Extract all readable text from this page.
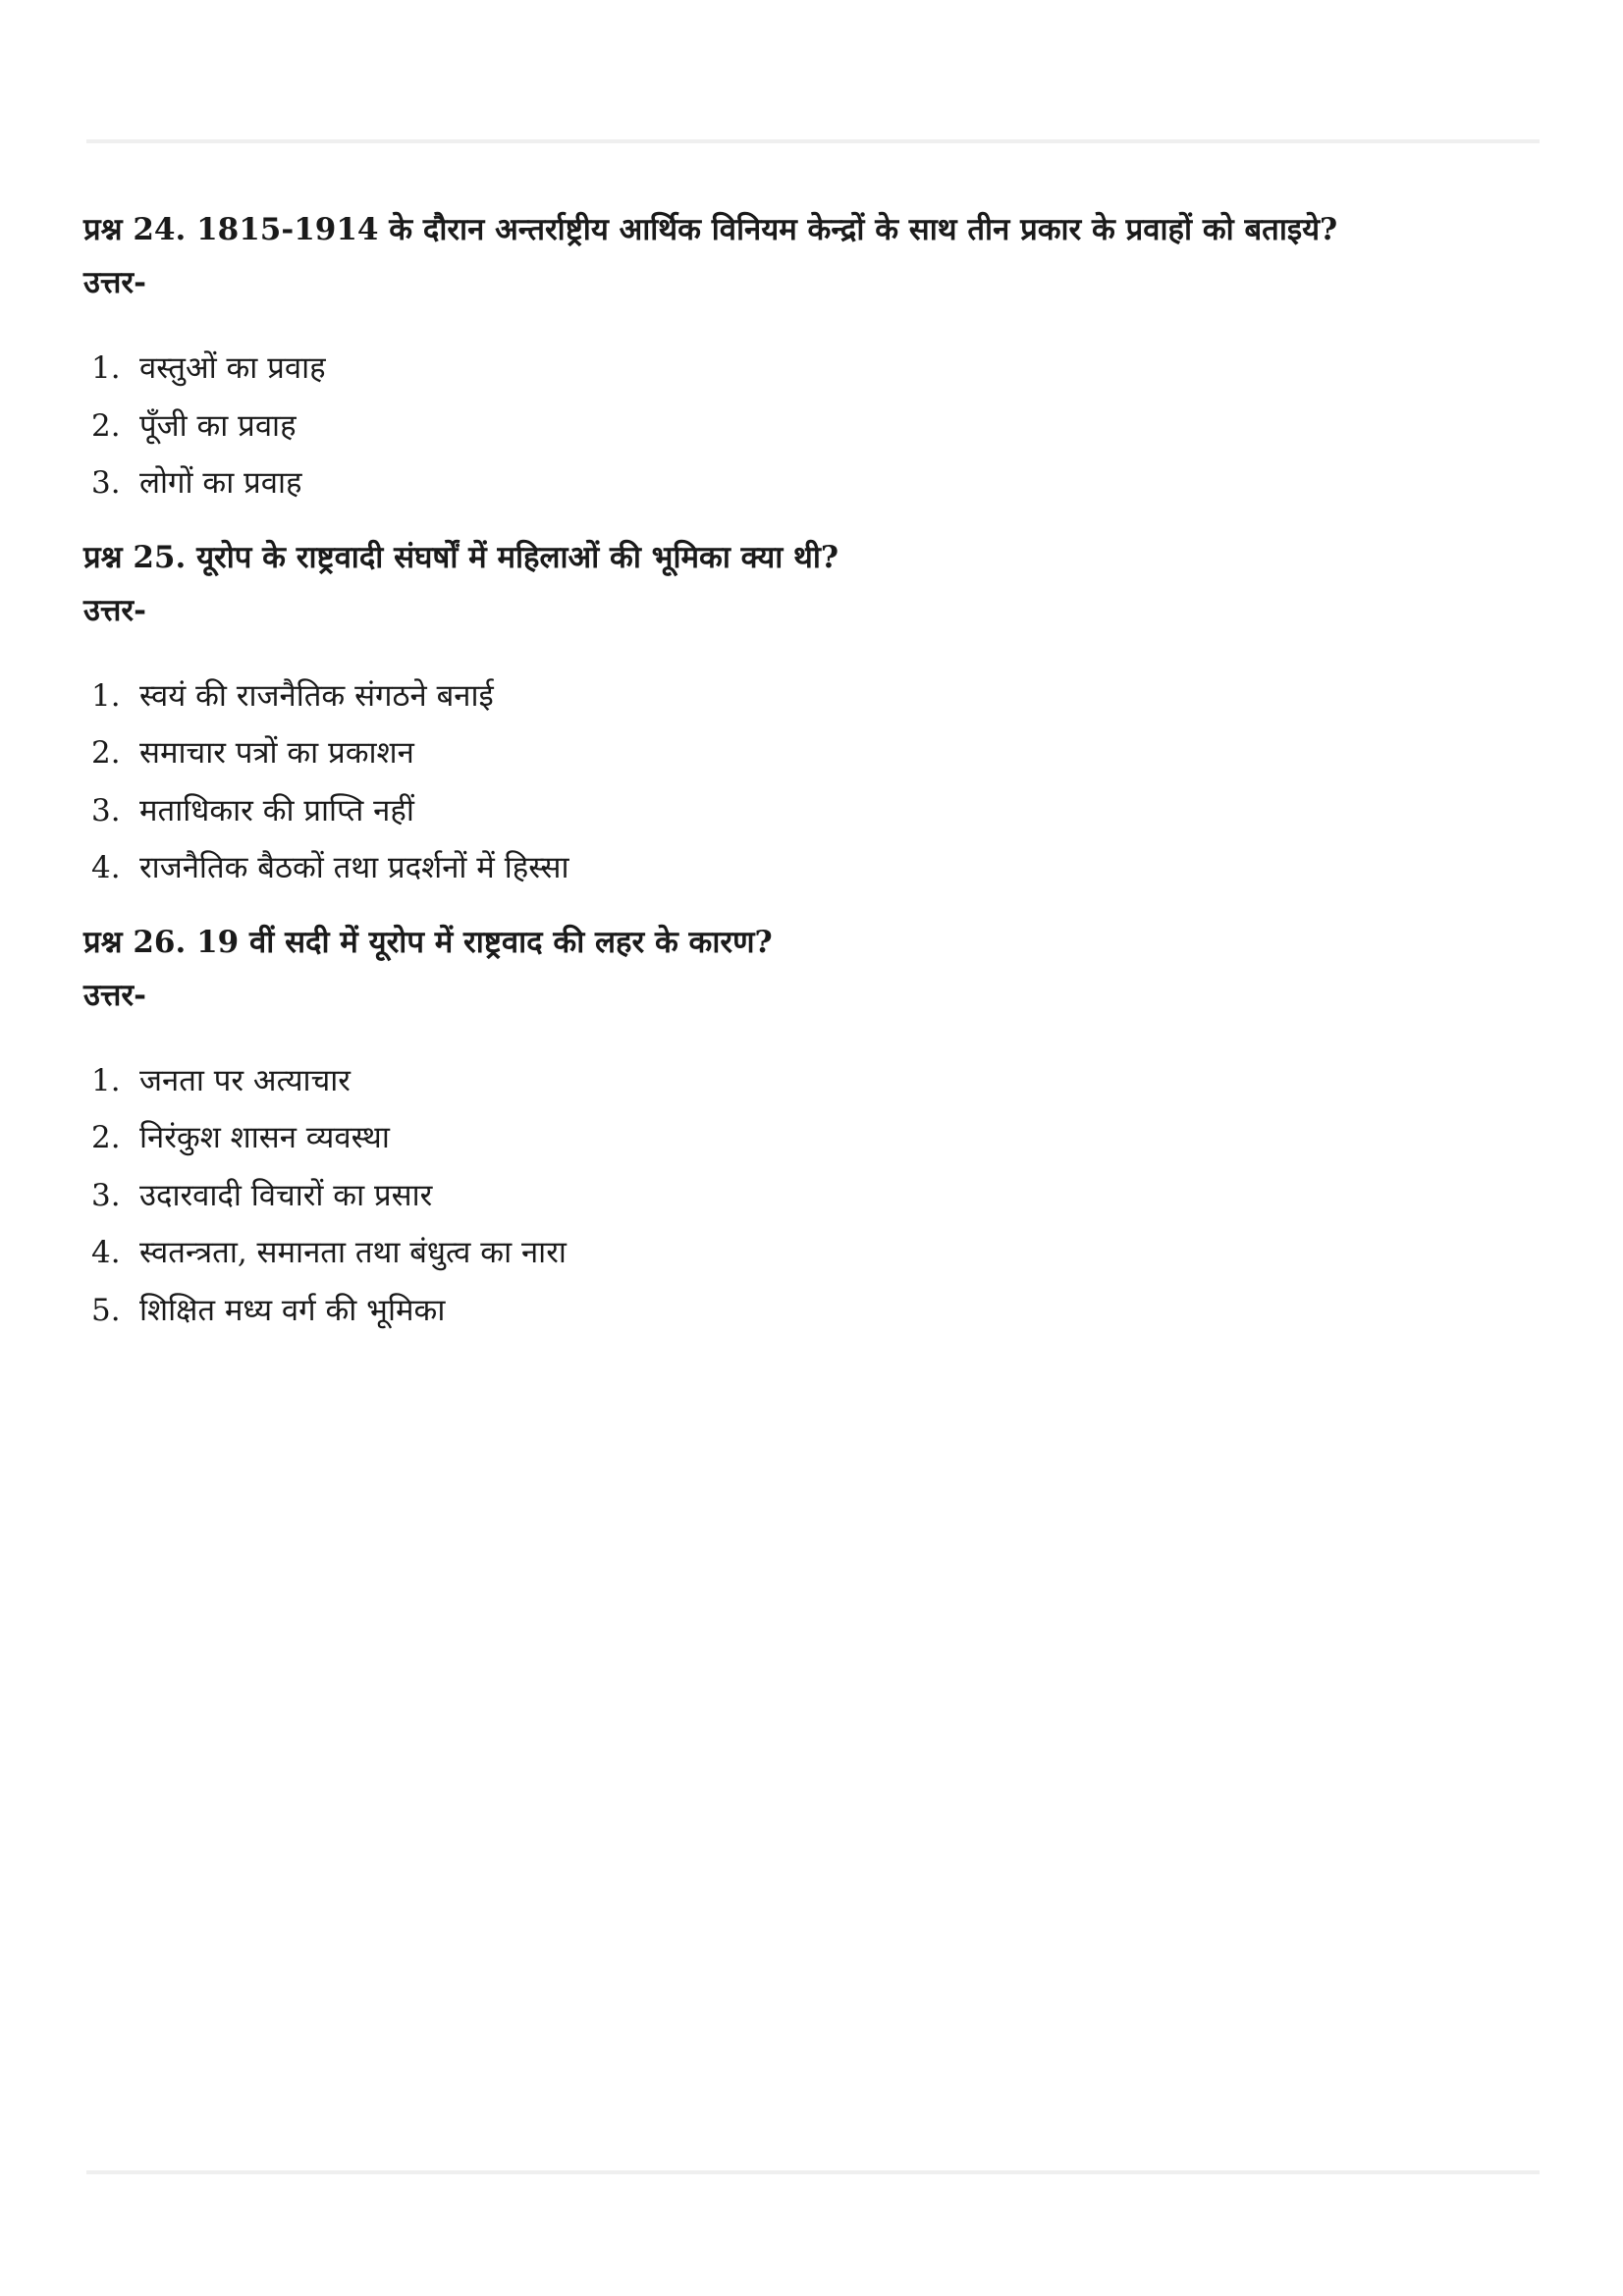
प्रश्न 24. 1815-1914 के दौरान अन्तर्राष्ट्रीय आर्थिक विनियम केन्द्रों के साथ तीन प्रकार के प्रवाहों को बताइये?

उत्तर-

1. वस्तुओं का प्रवाह
2. पूँजी का प्रवाह
3. लोगों का प्रवाह

प्रश्न 25. यूरोप के राष्ट्रवादी संघर्षों में महिलाओं की भूमिका क्या थी?

उत्तर-

1. स्वयं की राजनैतिक संगठने बनाई
2. समाचार पत्रों का प्रकाशन
3. मताधिकार की प्राप्ति नहीं
4. राजनैतिक बैठकों तथा प्रदर्शनों में हिस्सा

प्रश्न 26. 19 वीं सदी में यूरोप में राष्ट्रवाद की लहर के कारण?

उत्तर-

1. जनता पर अत्याचार
2. निरंकुश शासन व्यवस्था
3. उदारवादी विचारों का प्रसार
4. स्वतन्त्रता, समानता तथा बंधुत्व का नारा
5. शिक्षित मध्य वर्ग की भूमिका
